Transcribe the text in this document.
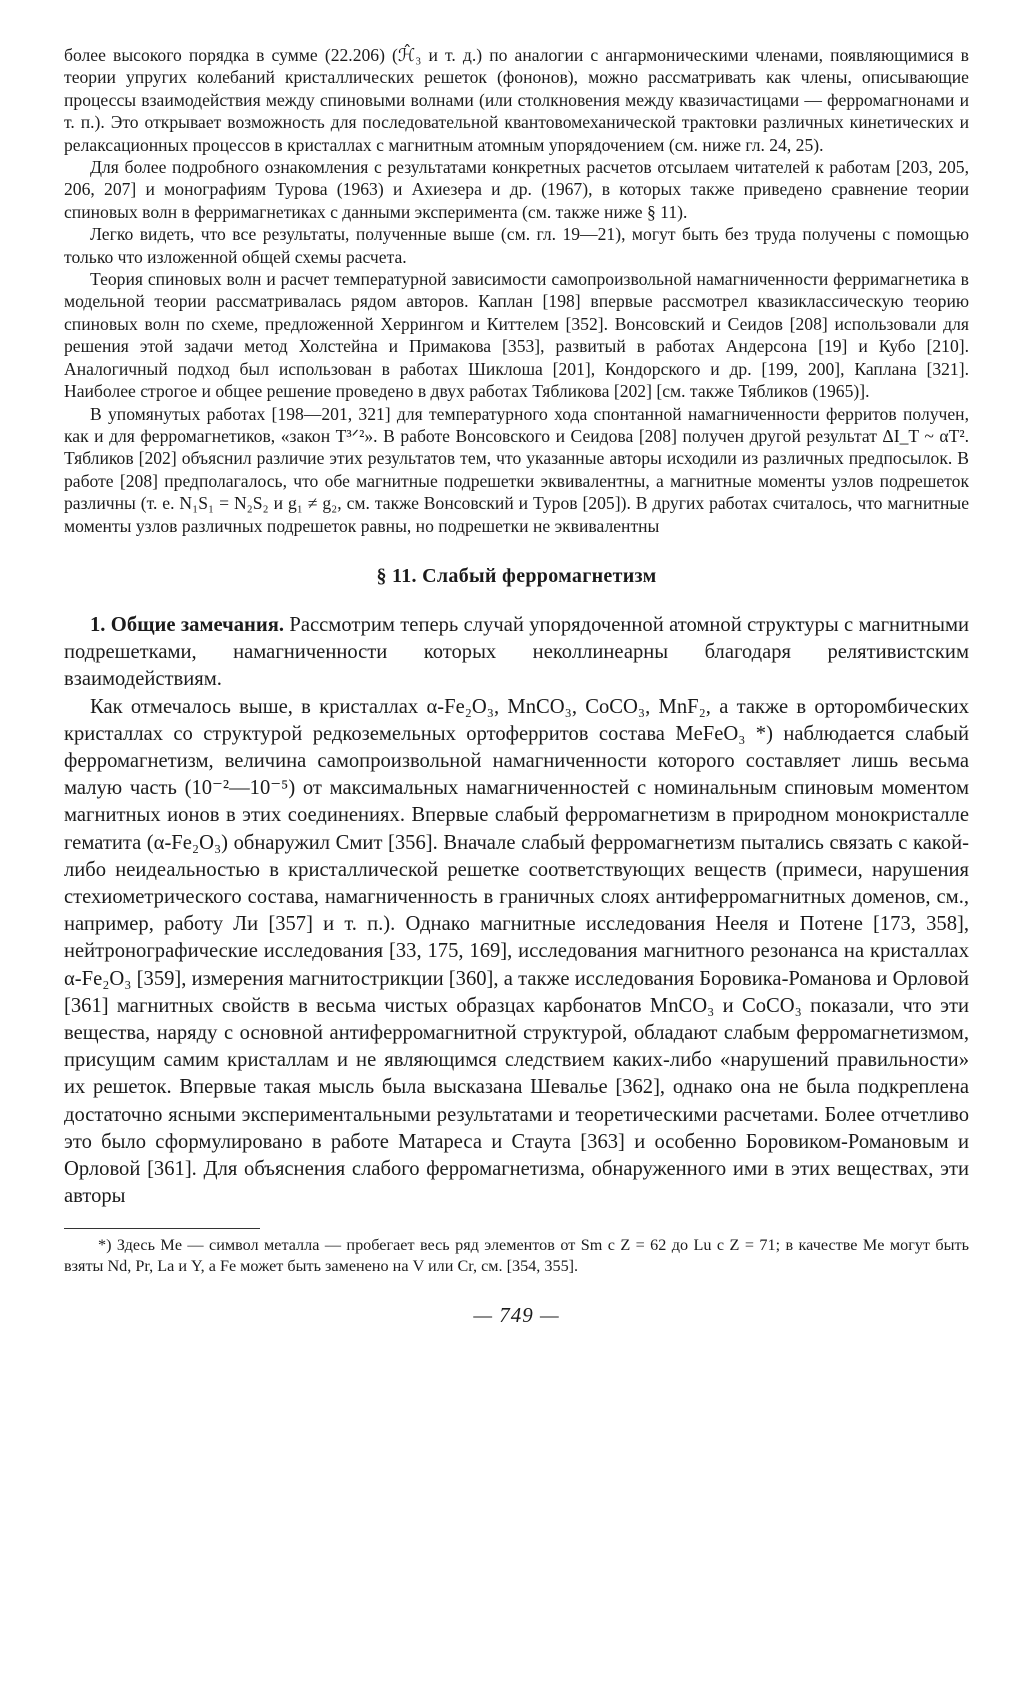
более высокого порядка в сумме (22.206) (ℋ̂₃ и т. д.) по аналогии с ангармоническими членами, появляющимися в теории упругих колебаний кристаллических решеток (фононов), можно рассматривать как члены, описывающие процессы взаимодействия между спиновыми волнами (или столкновения между квазичастицами — ферромагнонами и т. п.). Это открывает возможность для последовательной квантовомеханической трактовки различных кинетических и релаксационных процессов в кристаллах с магнитным атомным упорядочением (см. ниже гл. 24, 25).

Для более подробного ознакомления с результатами конкретных расчетов отсылаем читателей к работам [203, 205, 206, 207] и монографиям Турова (1963) и Ахиезера и др. (1967), в которых также приведено сравнение теории спиновых волн в ферримагнетиках с данными эксперимента (см. также ниже § 11).

Легко видеть, что все результаты, полученные выше (см. гл. 19—21), могут быть без труда получены с помощью только что изложенной общей схемы расчета.

Теория спиновых волн и расчет температурной зависимости самопроизвольной намагниченности ферримагнетика в модельной теории рассматривалась рядом авторов. Каплан [198] впервые рассмотрел квазиклассическую теорию спиновых волн по схеме, предложенной Херрингом и Киттелем [352]. Вонсовский и Сеидов [208] использовали для решения этой задачи метод Холстейна и Примакова [353], развитый в работах Андерсона [19] и Кубо [210]. Аналогичный подход был использован в работах Шиклоша [201], Кондорского и др. [199, 200], Каплана [321]. Наиболее строгое и общее решение проведено в двух работах Тябликова [202] [см. также Тябликов (1965)].

В упомянутых работах [198—201, 321] для температурного хода спонтанной намагниченности ферритов получен, как и для ферромагнетиков, «закон T³ᐟ²». В работе Вонсовского и Сеидова [208] получен другой результат ΔI_T ~ αT². Тябликов [202] объяснил различие этих результатов тем, что указанные авторы исходили из различных предпосылок. В работе [208] предполагалось, что обе магнитные подрешетки эквивалентны, а магнитные моменты узлов подрешеток различны (т. е. N₁S₁ = N₂S₂ и g₁ ≠ g₂, см. также Вонсовский и Туров [205]). В других работах считалось, что магнитные моменты узлов различных подрешеток равны, но подрешетки не эквивалентны

§ 11. Слабый ферромагнетизм

1. Общие замечания. Рассмотрим теперь случай упорядоченной атомной структуры с магнитными подрешетками, намагниченности которых неколлинеарны благодаря релятивистским взаимодействиям.

Как отмечалось выше, в кристаллах α-Fe₂O₃, MnCO₃, CoCO₃, MnF₂, а также в орторомбических кристаллах со структурой редкоземельных ортоферритов состава MeFeO₃ *) наблюдается слабый ферромагнетизм, величина самопроизвольной намагниченности которого составляет лишь весьма малую часть (10⁻²—10⁻⁵) от максимальных намагниченностей с номинальным спиновым моментом магнитных ионов в этих соединениях. Впервые слабый ферромагнетизм в природном монокристалле гематита (α-Fe₂O₃) обнаружил Смит [356]. Вначале слабый ферромагнетизм пытались связать с какой-либо неидеальностью в кристаллической решетке соответствующих веществ (примеси, нарушения стехиометрического состава, намагниченность в граничных слоях антиферромагнитных доменов, см., например, работу Ли [357] и т. п.). Однако магнитные исследования Нееля и Потене [173, 358], нейтронографические исследования [33, 175, 169], исследования магнитного резонанса на кристаллах α-Fe₂O₃ [359], измерения магнитострикции [360], а также исследования Боровика-Романова и Орловой [361] магнитных свойств в весьма чистых образцах карбонатов MnCO₃ и CoCO₃ показали, что эти вещества, наряду с основной антиферромагнитной структурой, обладают слабым ферромагнетизмом, присущим самим кристаллам и не являющимся следствием каких-либо «нарушений правильности» их решеток. Впервые такая мысль была высказана Шевалье [362], однако она не была подкреплена достаточно ясными экспериментальными результатами и теоретическими расчетами. Более отчетливо это было сформулировано в работе Матареса и Стаута [363] и особенно Боровиком-Романовым и Орловой [361]. Для объяснения слабого ферромагнетизма, обнаруженного ими в этих веществах, эти авторы

*) Здесь Me — символ металла — пробегает весь ряд элементов от Sm с Z = 62 до Lu с Z = 71; в качестве Me могут быть взяты Nd, Pr, La и Y, а Fe может быть заменено на V или Cr, см. [354, 355].

— 749 —
